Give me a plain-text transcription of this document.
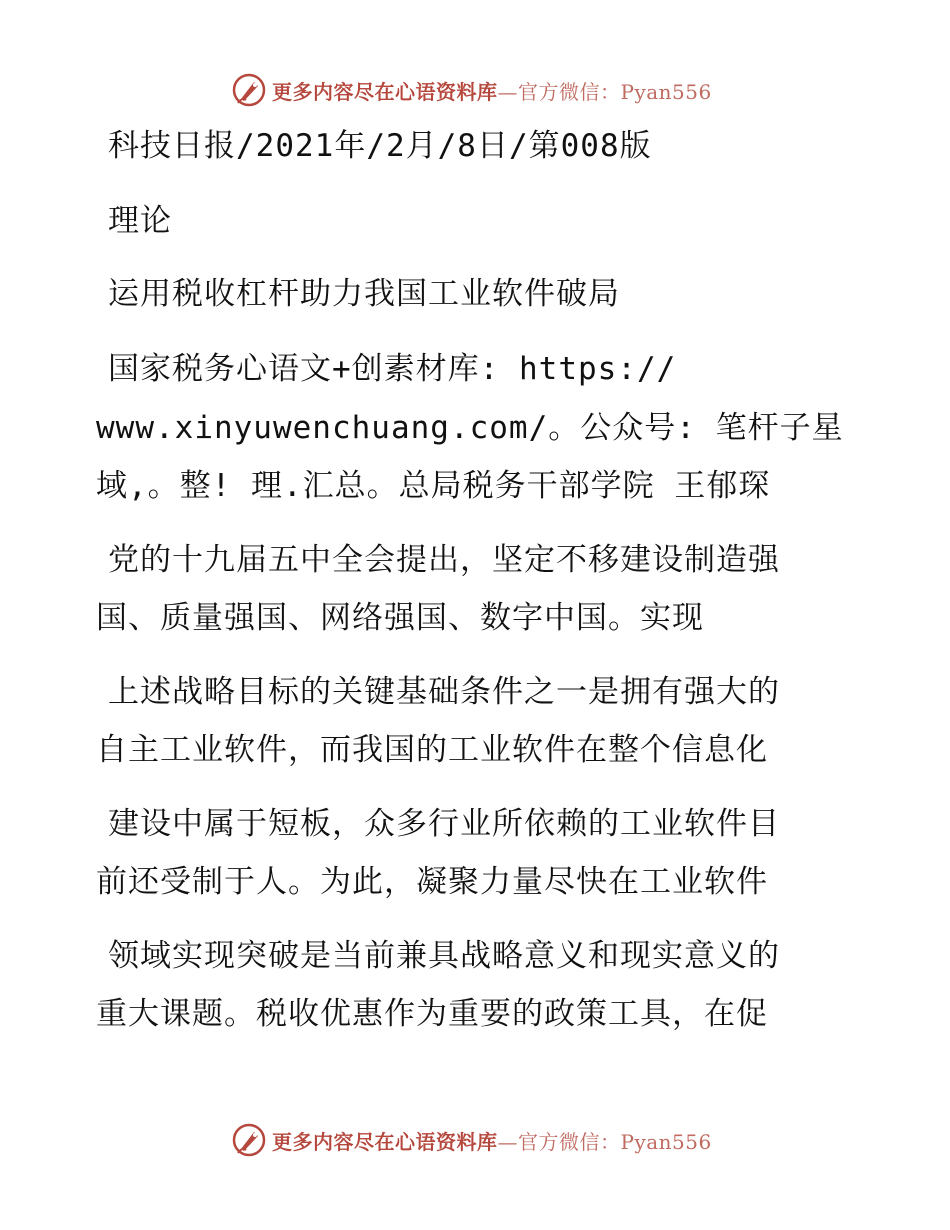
更多内容尽在心语资料库—官方微信：Pyan556
科技日报/2021年/2月/8日/第008版
理论
运用税收杠杆助力我国工业软件破局
国家税务心语文+创素材库: https://
www.xinyuwenchuang.com/。公众号: 笔杆子星
域,。整! 理.汇总。总局税务干部学院 王郁琛
党的十九届五中全会提出，坚定不移建设制造强
国、质量强国、网络强国、数字中国。实现
上述战略目标的关键基础条件之一是拥有强大的
自主工业软件，而我国的工业软件在整个信息化
建设中属于短板，众多行业所依赖的工业软件目
前还受制于人。为此，凝聚力量尽快在工业软件
领域实现突破是当前兼具战略意义和现实意义的
重大课题。税收优惠作为重要的政策工具，在促
更多内容尽在心语资料库—官方微信：Pyan556
